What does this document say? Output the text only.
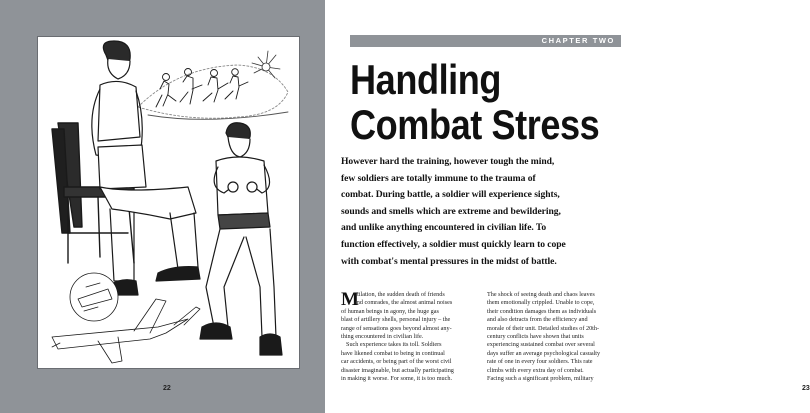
22
CHAPTER TWO
Handling
Combat Stress
However hard the training, however tough the mind,
few soldiers are totally immune to the trauma of
combat. During battle, a soldier will experience sights,
sounds and smells which are extreme and bewildering,
and unlike anything encountered in civilian life. To
function effectively, a soldier must quickly learn to cope
with combat's mental pressures in the midst of battle.
M
utilation, the sudden death of friends
and comrades, the almost animal noises
of human beings in agony, the huge gas
blast of artillery shells, personal injury – the
range of sensations goes beyond almost any-
thing encountered in civilian life.
Such experience takes its toll. Soldiers
have likened combat to being in continual
car accidents, or being part of the worst civil
disaster imaginable, but actually participating
in making it worse. For some, it is too much.
The shock of seeing death and chaos leaves
them emotionally crippled. Unable to cope,
their condition damages them as individuals
and also detracts from the efficiency and
morale of their unit. Detailed studies of 20th-
century conflicts have shown that units
experiencing sustained combat over several
days suffer an average psychological casualty
rate of one in every four soldiers. This rate
climbs with every extra day of combat.
Facing such a significant problem, military
23
